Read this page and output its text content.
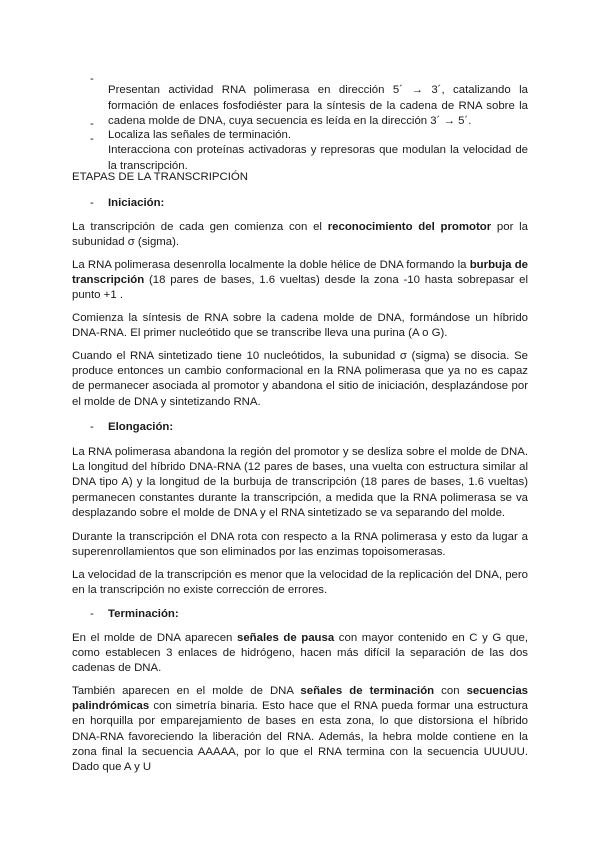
-

Presentan actividad RNA polimerasa en dirección 5´ → 3´, catalizando la formación de enlaces fosfodiéster para la síntesis de la cadena de RNA sobre la cadena molde de DNA, cuya secuencia es leída en la dirección 3´ → 5´.

-

Localiza las señales de terminación.

-

Interacciona con proteínas activadoras y represoras que modulan la velocidad de la transcripción.

ETAPAS DE LA TRANSCRIPCIÓN

-	Iniciación:

La transcripción de cada gen comienza con el reconocimiento del promotor por la subunidad σ (sigma).

La RNA polimerasa desenrolla localmente la doble hélice de DNA formando la burbuja de transcripción (18 pares de bases, 1.6 vueltas) desde la zona -10 hasta sobrepasar el punto +1 .

Comienza la síntesis de RNA sobre la cadena molde de DNA, formándose un híbrido DNA-RNA. El primer nucleótido que se transcribe lleva una purina (A o G).

Cuando el RNA sintetizado tiene 10 nucleótidos, la subunidad σ (sigma) se disocia. Se produce entonces un cambio conformacional en la RNA polimerasa que ya no es capaz de permanecer asociada al promotor y abandona el sitio de iniciación, desplazándose por el molde de DNA y sintetizando RNA.

-	Elongación:

La RNA polimerasa abandona la región del promotor y se desliza sobre el molde de DNA. La longitud del híbrido DNA-RNA (12 pares de bases, una vuelta con estructura similar al DNA tipo A) y la longitud de la burbuja de transcripción (18 pares de bases, 1.6 vueltas) permanecen constantes durante la transcripción, a medida que la RNA polimerasa se va desplazando sobre el molde de DNA y el RNA sintetizado se va separando del molde.

Durante la transcripción el DNA rota con respecto a la RNA polimerasa y esto da lugar a superenrollamientos que son eliminados por las enzimas topoisomerasas.

La velocidad de la transcripción es menor que la velocidad de la replicación del DNA, pero en la transcripción no existe corrección de errores.

-	Terminación:

En el molde de DNA aparecen señales de pausa con mayor contenido en C y G que, como establecen 3 enlaces de hidrógeno, hacen más difícil la separación de las dos cadenas de DNA.

También aparecen en el molde de DNA señales de terminación con secuencias palindrómicas con simetría binaria. Esto hace que el RNA pueda formar una estructura en horquilla por emparejamiento de bases en esta zona, lo que distorsiona el híbrido DNA-RNA favoreciendo la liberación del RNA. Además, la hebra molde contiene en la zona final la secuencia AAAAA, por lo que el RNA termina con la secuencia UUUUU. Dado que A y U
